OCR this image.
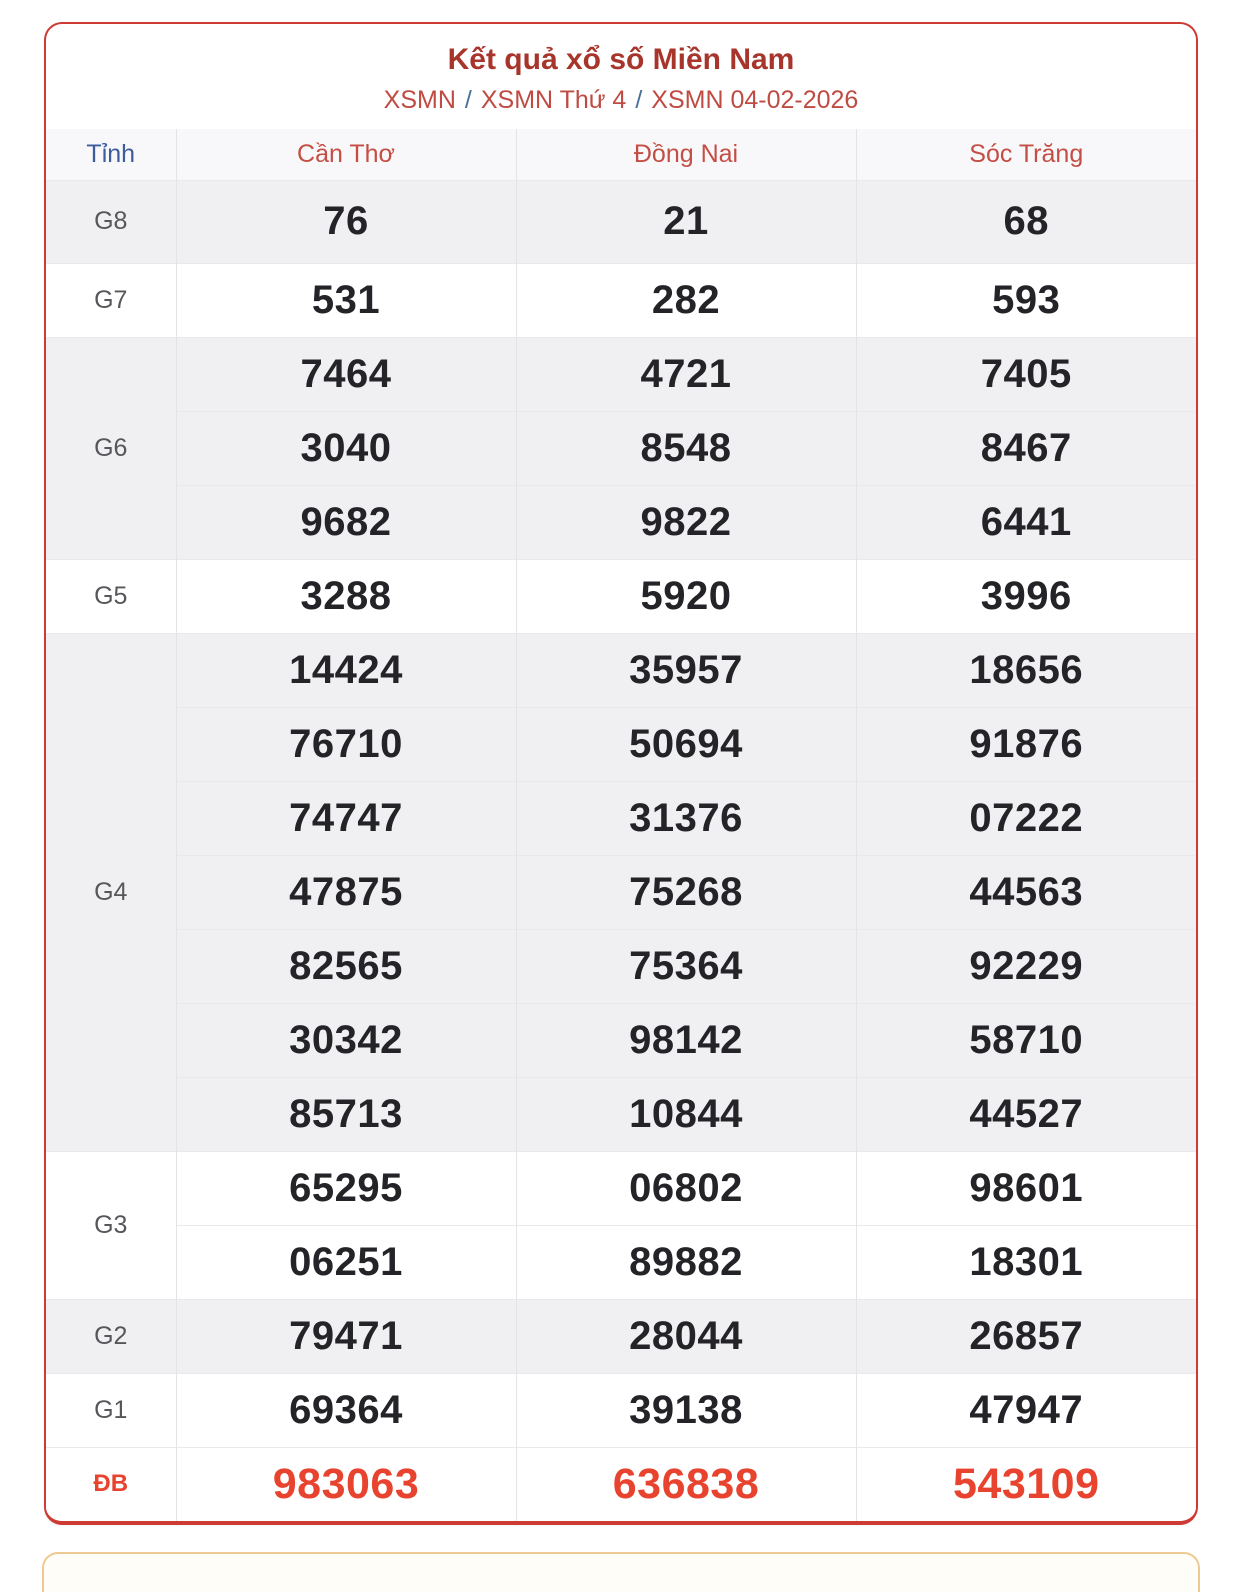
Kết quả xổ số Miền Nam
XSMN / XSMN Thứ 4 / XSMN 04-02-2026
Tỉnh	Cần Thơ	Đồng Nai	Sóc Trăng
G8	76	21	68
G7	531	282	593
G6	7464	4721	7405
	3040	8548	8467
	9682	9822	6441
G5	3288	5920	3996
G4	14424	35957	18656
	76710	50694	91876
	74747	31376	07222
	47875	75268	44563
	82565	75364	92229
	30342	98142	58710
	85713	10844	44527
G3	65295	06802	98601
	06251	89882	18301
G2	79471	28044	26857
G1	69364	39138	47947
ĐB	983063	636838	543109
